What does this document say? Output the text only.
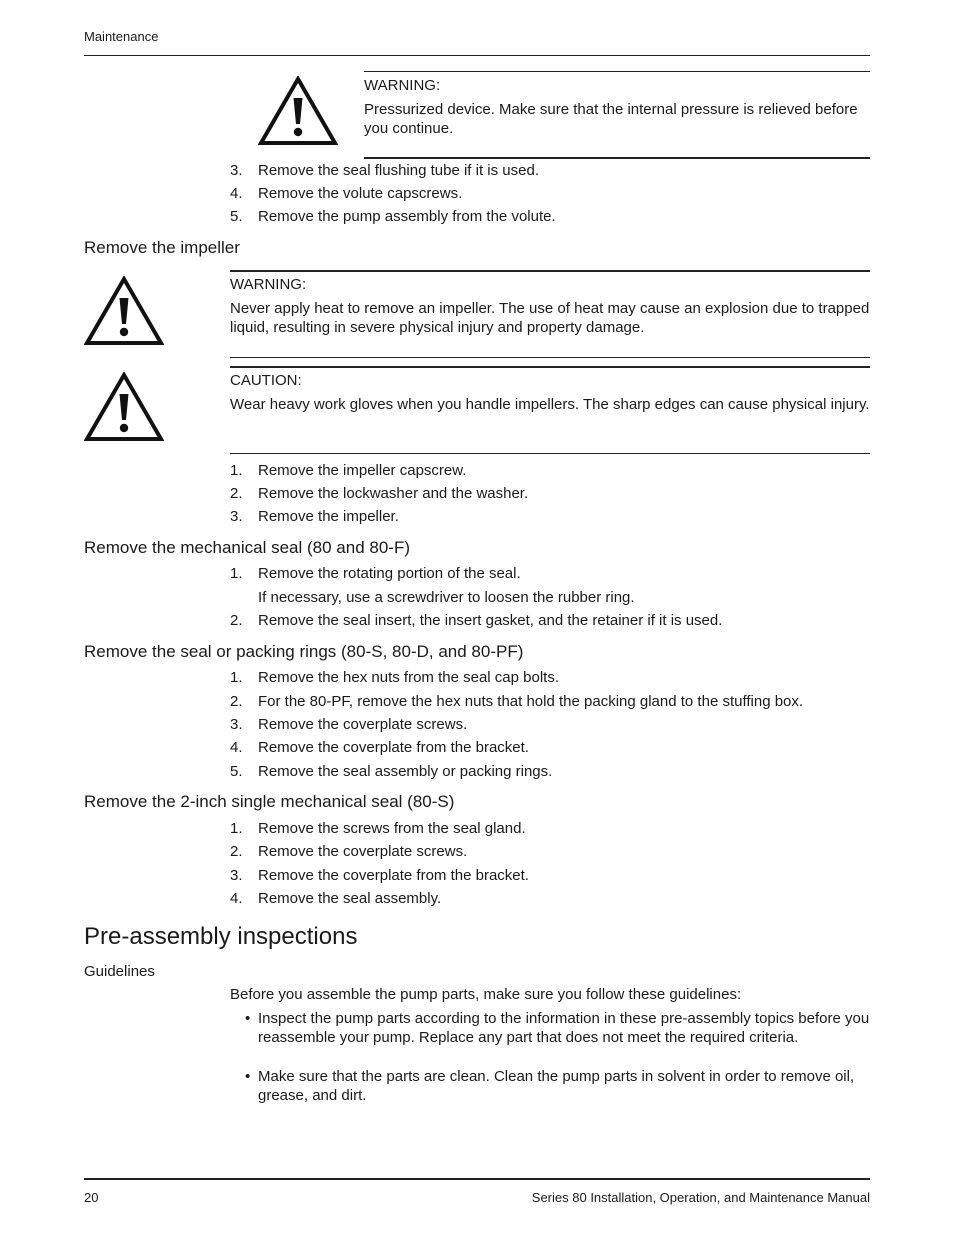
Maintenance
WARNING:
Pressurized device. Make sure that the internal pressure is relieved before you continue.
3.	Remove the seal flushing tube if it is used.
4.	Remove the volute capscrews.
5.	Remove the pump assembly from the volute.
Remove the impeller
WARNING:
Never apply heat to remove an impeller. The use of heat may cause an explosion due to trapped liquid, resulting in severe physical injury and property damage.
CAUTION:
Wear heavy work gloves when you handle impellers. The sharp edges can cause physical injury.
1.	Remove the impeller capscrew.
2.	Remove the lockwasher and the washer.
3.	Remove the impeller.
Remove the mechanical seal (80 and 80-F)
1.	Remove the rotating portion of the seal.
If necessary, use a screwdriver to loosen the rubber ring.
2.	Remove the seal insert, the insert gasket, and the retainer if it is used.
Remove the seal or packing rings (80-S, 80-D, and 80-PF)
1.	Remove the hex nuts from the seal cap bolts.
2.	For the 80-PF, remove the hex nuts that hold the packing gland to the stuffing box.
3.	Remove the coverplate screws.
4.	Remove the coverplate from the bracket.
5.	Remove the seal assembly or packing rings.
Remove the 2-inch single mechanical seal (80-S)
1.	Remove the screws from the seal gland.
2.	Remove the coverplate screws.
3.	Remove the coverplate from the bracket.
4.	Remove the seal assembly.
Pre-assembly inspections
Guidelines
Before you assemble the pump parts, make sure you follow these guidelines:
• Inspect the pump parts according to the information in these pre-assembly topics before you reassemble your pump. Replace any part that does not meet the required criteria.
• Make sure that the parts are clean. Clean the pump parts in solvent in order to remove oil, grease, and dirt.
20	Series 80 Installation, Operation, and Maintenance Manual
